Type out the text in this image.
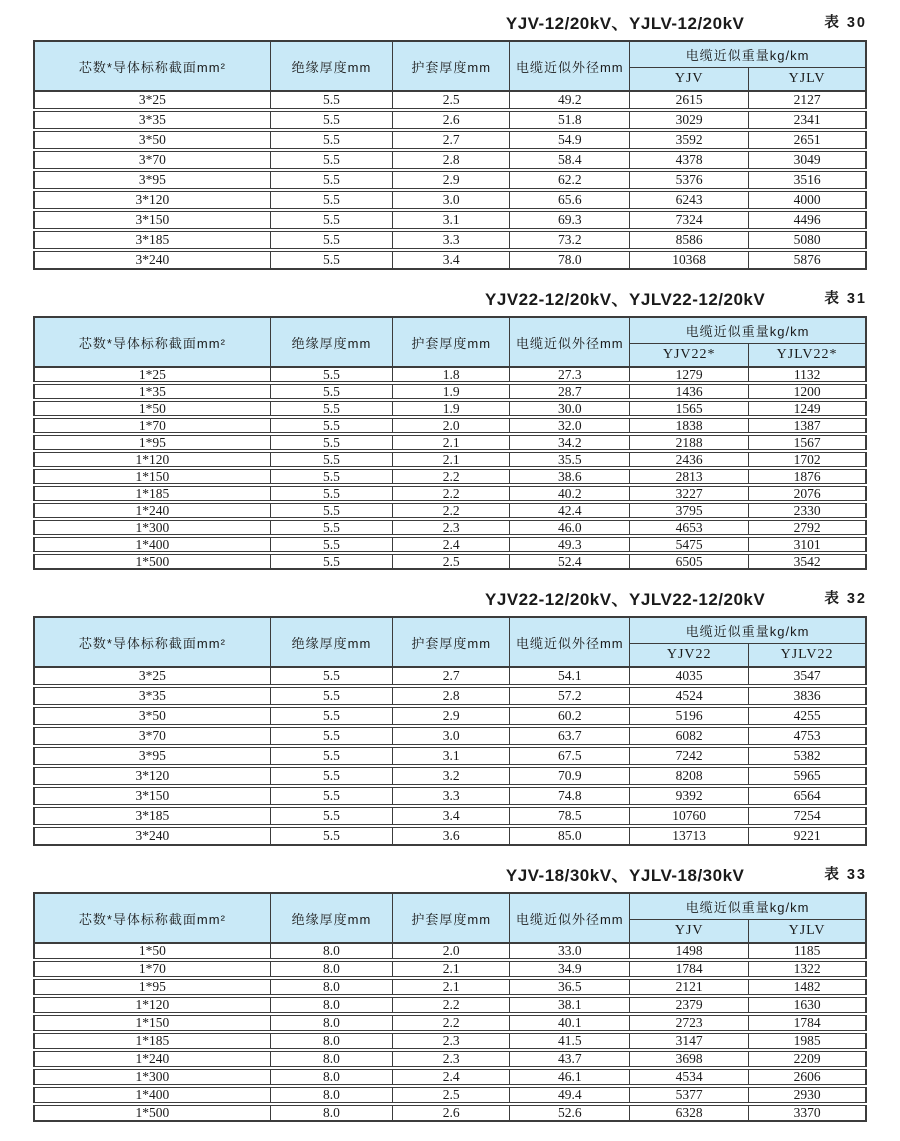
YJV-12/20kV、YJLV-12/20kV	表 30
芯数*导体标称截面mm²	绝缘厚度mm	护套厚度mm	电缆近似外径mm	电缆近似重量kg/km	
				YJV	YJLV
3*25	5.5	2.5	49.2	2615	2127
3*35	5.5	2.6	51.8	3029	2341
3*50	5.5	2.7	54.9	3592	2651
3*70	5.5	2.8	58.4	4378	3049
3*95	5.5	2.9	62.2	5376	3516
3*120	5.5	3.0	65.6	6243	4000
3*150	5.5	3.1	69.3	7324	4496
3*185	5.5	3.3	73.2	8586	5080
3*240	5.5	3.4	78.0	10368	5876
YJV22-12/20kV、YJLV22-12/20kV	表 31
芯数*导体标称截面mm²	绝缘厚度mm	护套厚度mm	电缆近似外径mm	电缆近似重量kg/km	
				YJV22*	YJLV22*
1*25	5.5	1.8	27.3	1279	1132
1*35	5.5	1.9	28.7	1436	1200
1*50	5.5	1.9	30.0	1565	1249
1*70	5.5	2.0	32.0	1838	1387
1*95	5.5	2.1	34.2	2188	1567
1*120	5.5	2.1	35.5	2436	1702
1*150	5.5	2.2	38.6	2813	1876
1*185	5.5	2.2	40.2	3227	2076
1*240	5.5	2.2	42.4	3795	2330
1*300	5.5	2.3	46.0	4653	2792
1*400	5.5	2.4	49.3	5475	3101
1*500	5.5	2.5	52.4	6505	3542
YJV22-12/20kV、YJLV22-12/20kV	表 32
芯数*导体标称截面mm²	绝缘厚度mm	护套厚度mm	电缆近似外径mm	电缆近似重量kg/km	
				YJV22	YJLV22
3*25	5.5	2.7	54.1	4035	3547
3*35	5.5	2.8	57.2	4524	3836
3*50	5.5	2.9	60.2	5196	4255
3*70	5.5	3.0	63.7	6082	4753
3*95	5.5	3.1	67.5	7242	5382
3*120	5.5	3.2	70.9	8208	5965
3*150	5.5	3.3	74.8	9392	6564
3*185	5.5	3.4	78.5	10760	7254
3*240	5.5	3.6	85.0	13713	9221
YJV-18/30kV、YJLV-18/30kV	表 33
芯数*导体标称截面mm²	绝缘厚度mm	护套厚度mm	电缆近似外径mm	电缆近似重量kg/km	
				YJV	YJLV
1*50	8.0	2.0	33.0	1498	1185
1*70	8.0	2.1	34.9	1784	1322
1*95	8.0	2.1	36.5	2121	1482
1*120	8.0	2.2	38.1	2379	1630
1*150	8.0	2.2	40.1	2723	1784
1*185	8.0	2.3	41.5	3147	1985
1*240	8.0	2.3	43.7	3698	2209
1*300	8.0	2.4	46.1	4534	2606
1*400	8.0	2.5	49.4	5377	2930
1*500	8.0	2.6	52.6	6328	3370
